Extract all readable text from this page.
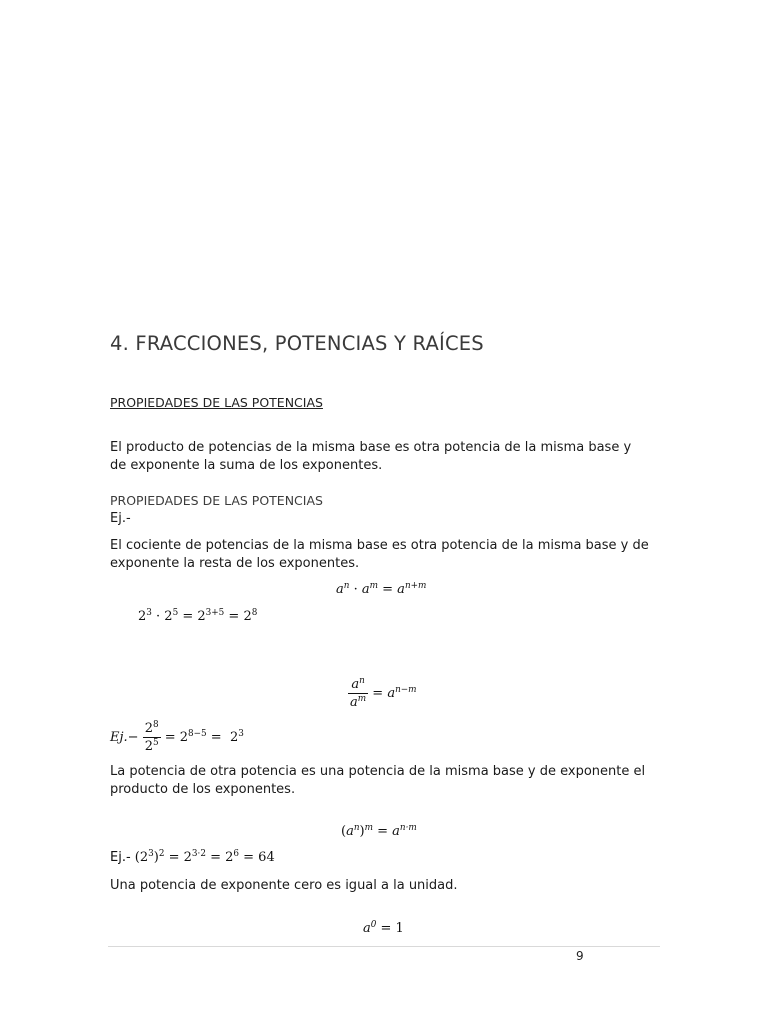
4. FRACCIONES, POTENCIAS Y RAÍCES
PROPIEDADES DE LAS POTENCIAS
El producto de potencias de la misma base es otra potencia de la misma base y de exponente la suma de los exponentes.
PROPIEDADES DE LAS POTENCIAS
Ej.-
El cociente de potencias de la misma base es otra potencia de la misma base y de exponente la resta de los exponentes.
$a^n \cdot a^m = a^{n+m}$
$2^3 \cdot 2^5 = 2^{3+5} = 2^8$
$\frac{a^n}{a^m} = a^{n-m}$
$Ej.- \frac{2^8}{2^5} = 2^{8-5} = 2^3$
La potencia de otra potencia es una potencia de la misma base y de exponente el producto de los exponentes.
$(a^n)^m = a^{n\cdot m}$
Ej.- $(2^3)^2 = 2^{3\cdot 2} = 2^6 = 64$
Una potencia de exponente cero es igual a la unidad.
$a^0 = 1$
9
